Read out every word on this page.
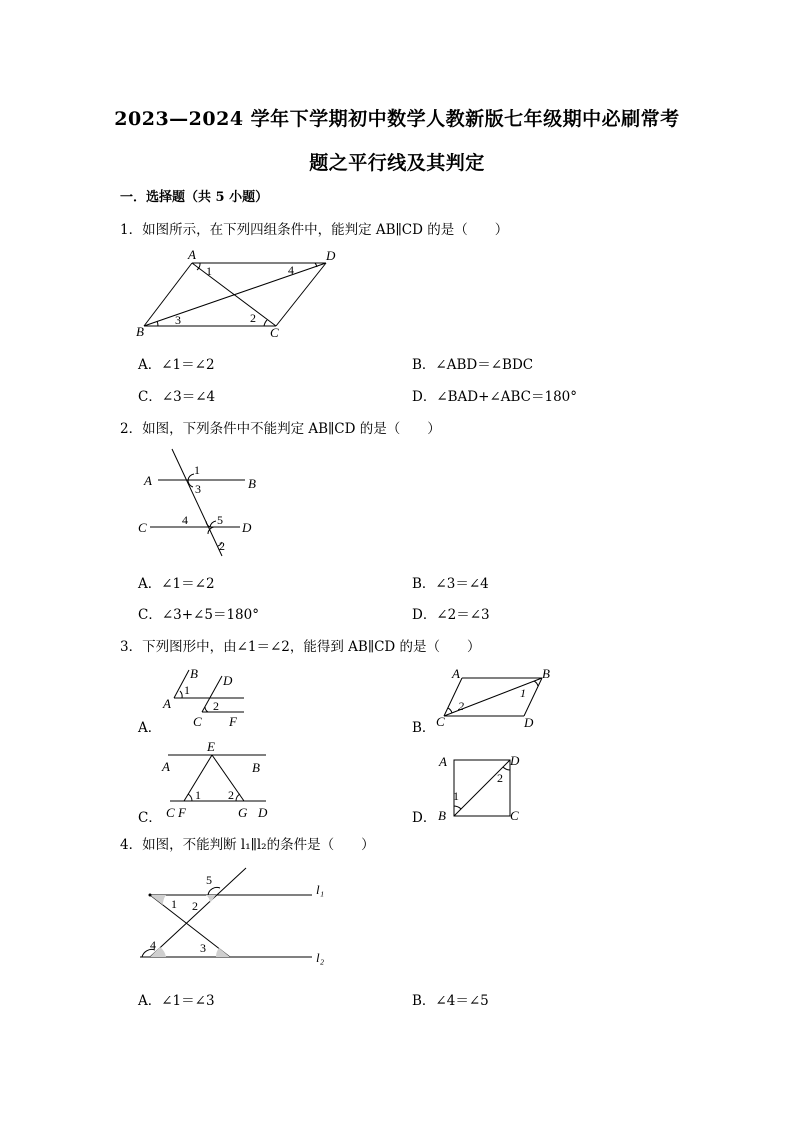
2023—2024 学年下学期初中数学人教新版七年级期中必刷常考
题之平行线及其判定
一．选择题（共 5 小题）
1．如图所示，在下列四组条件中，能判定 AB∥CD 的是（　　）
A	D
B	C
1
2
3
4
A．∠1＝∠2	B．∠ABD＝∠BDC
C．∠3＝∠4	D．∠BAD+∠ABC＝180°
2．如图，下列条件中不能判定 AB∥CD 的是（　　）
A	B
C	D
1
3
4 5
2
A．∠1＝∠2	B．∠3＝∠4
C．∠3+∠5＝180°	D．∠2＝∠3
3．下列图形中，由∠1＝∠2，能得到 AB∥CD 的是（　　）
A．
B D
1
A	2
C F	B．
A	B
1
2
C	D
C．
E
A	B
1 2
C F	G D	D．
A	D
2
1
B	C
4．如图，不能判断 l₁∥l₂的条件是（　　）
5
l₁
1 2
4	3
l₂
A．∠1＝∠3	B．∠4＝∠5
